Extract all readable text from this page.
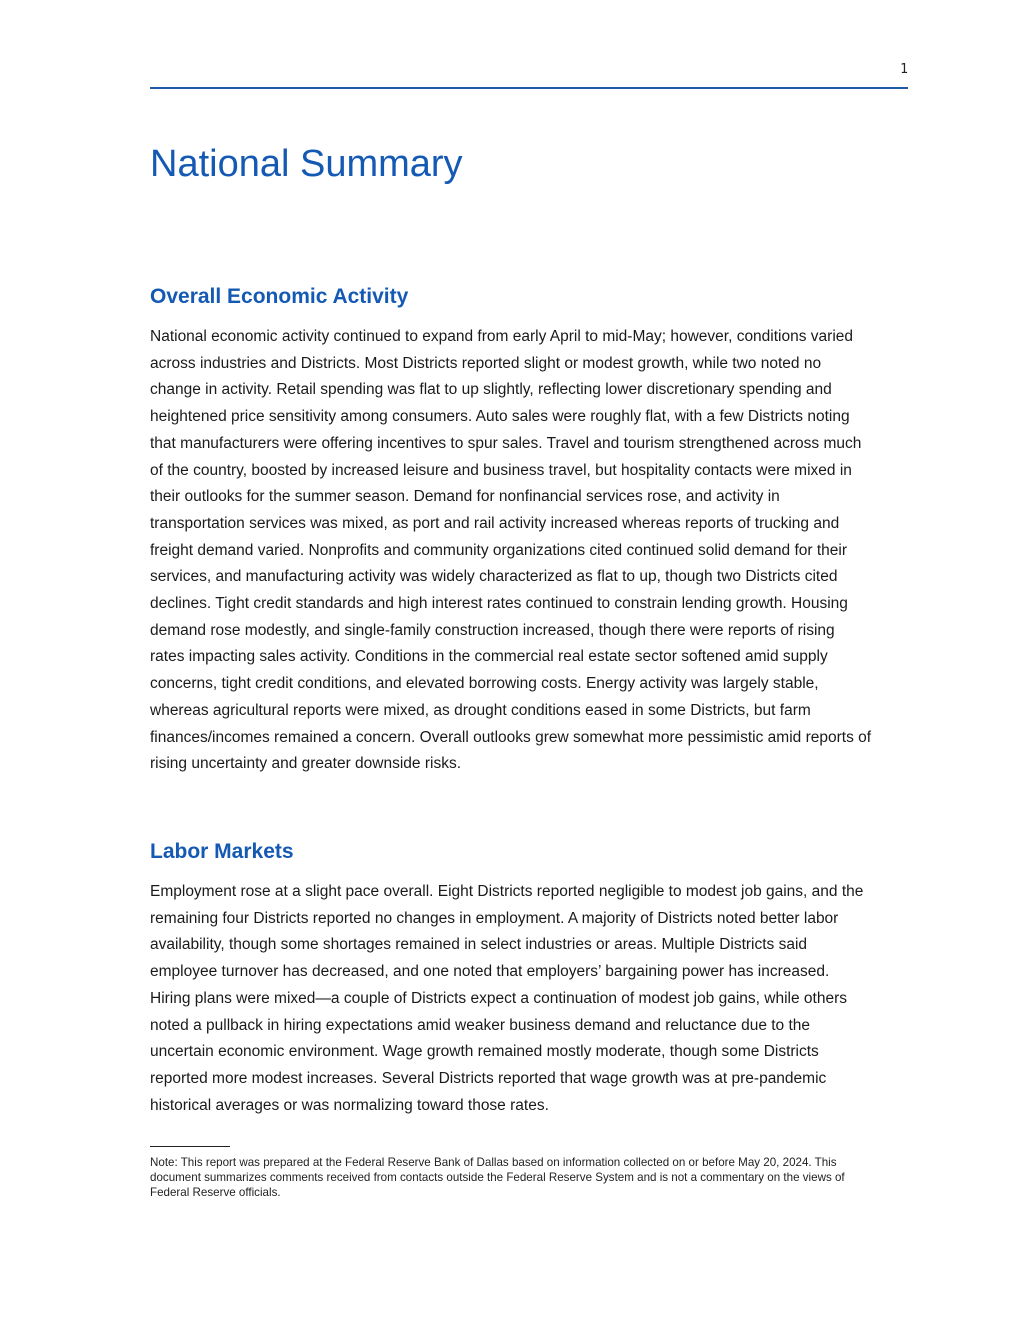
1
National Summary
Overall Economic Activity

National economic activity continued to expand from early April to mid-May; however, conditions varied across industries and Districts. Most Districts reported slight or modest growth, while two noted no change in activity. Retail spending was flat to up slightly, reflecting lower discretionary spending and heightened price sensitivity among consumers. Auto sales were roughly flat, with a few Districts noting that manufacturers were offering incentives to spur sales. Travel and tourism strengthened across much of the country, boosted by increased leisure and business travel, but hospitality contacts were mixed in their outlooks for the summer season. Demand for nonfinancial services rose, and activity in transportation services was mixed, as port and rail activity increased whereas reports of trucking and freight demand varied. Nonprofits and community organizations cited continued solid demand for their services, and manufacturing activity was widely characterized as flat to up, though two Districts cited declines. Tight credit standards and high interest rates continued to constrain lending growth. Housing demand rose modestly, and single-family construction increased, though there were reports of rising rates impacting sales activity. Conditions in the commercial real estate sector softened amid supply concerns, tight credit conditions, and elevated borrowing costs. Energy activity was largely stable, whereas agricultural reports were mixed, as drought conditions eased in some Districts, but farm finances/incomes remained a concern. Overall outlooks grew somewhat more pessimistic amid reports of rising uncertainty and greater downside risks.

Labor Markets

Employment rose at a slight pace overall. Eight Districts reported negligible to modest job gains, and the remaining four Districts reported no changes in employment. A majority of Districts noted better labor availability, though some shortages remained in select industries or areas. Multiple Districts said employee turnover has decreased, and one noted that employers’ bargaining power has increased. Hiring plans were mixed—a couple of Districts expect a continuation of modest job gains, while others noted a pullback in hiring expectations amid weaker business demand and reluctance due to the uncertain economic environment. Wage growth remained mostly moderate, though some Districts reported more modest increases. Several Districts reported that wage growth was at pre-pandemic historical averages or was normalizing toward those rates.

Note: This report was prepared at the Federal Reserve Bank of Dallas based on information collected on or before May 20, 2024. This document summarizes comments received from contacts outside the Federal Reserve System and is not a commentary on the views of Federal Reserve officials.
